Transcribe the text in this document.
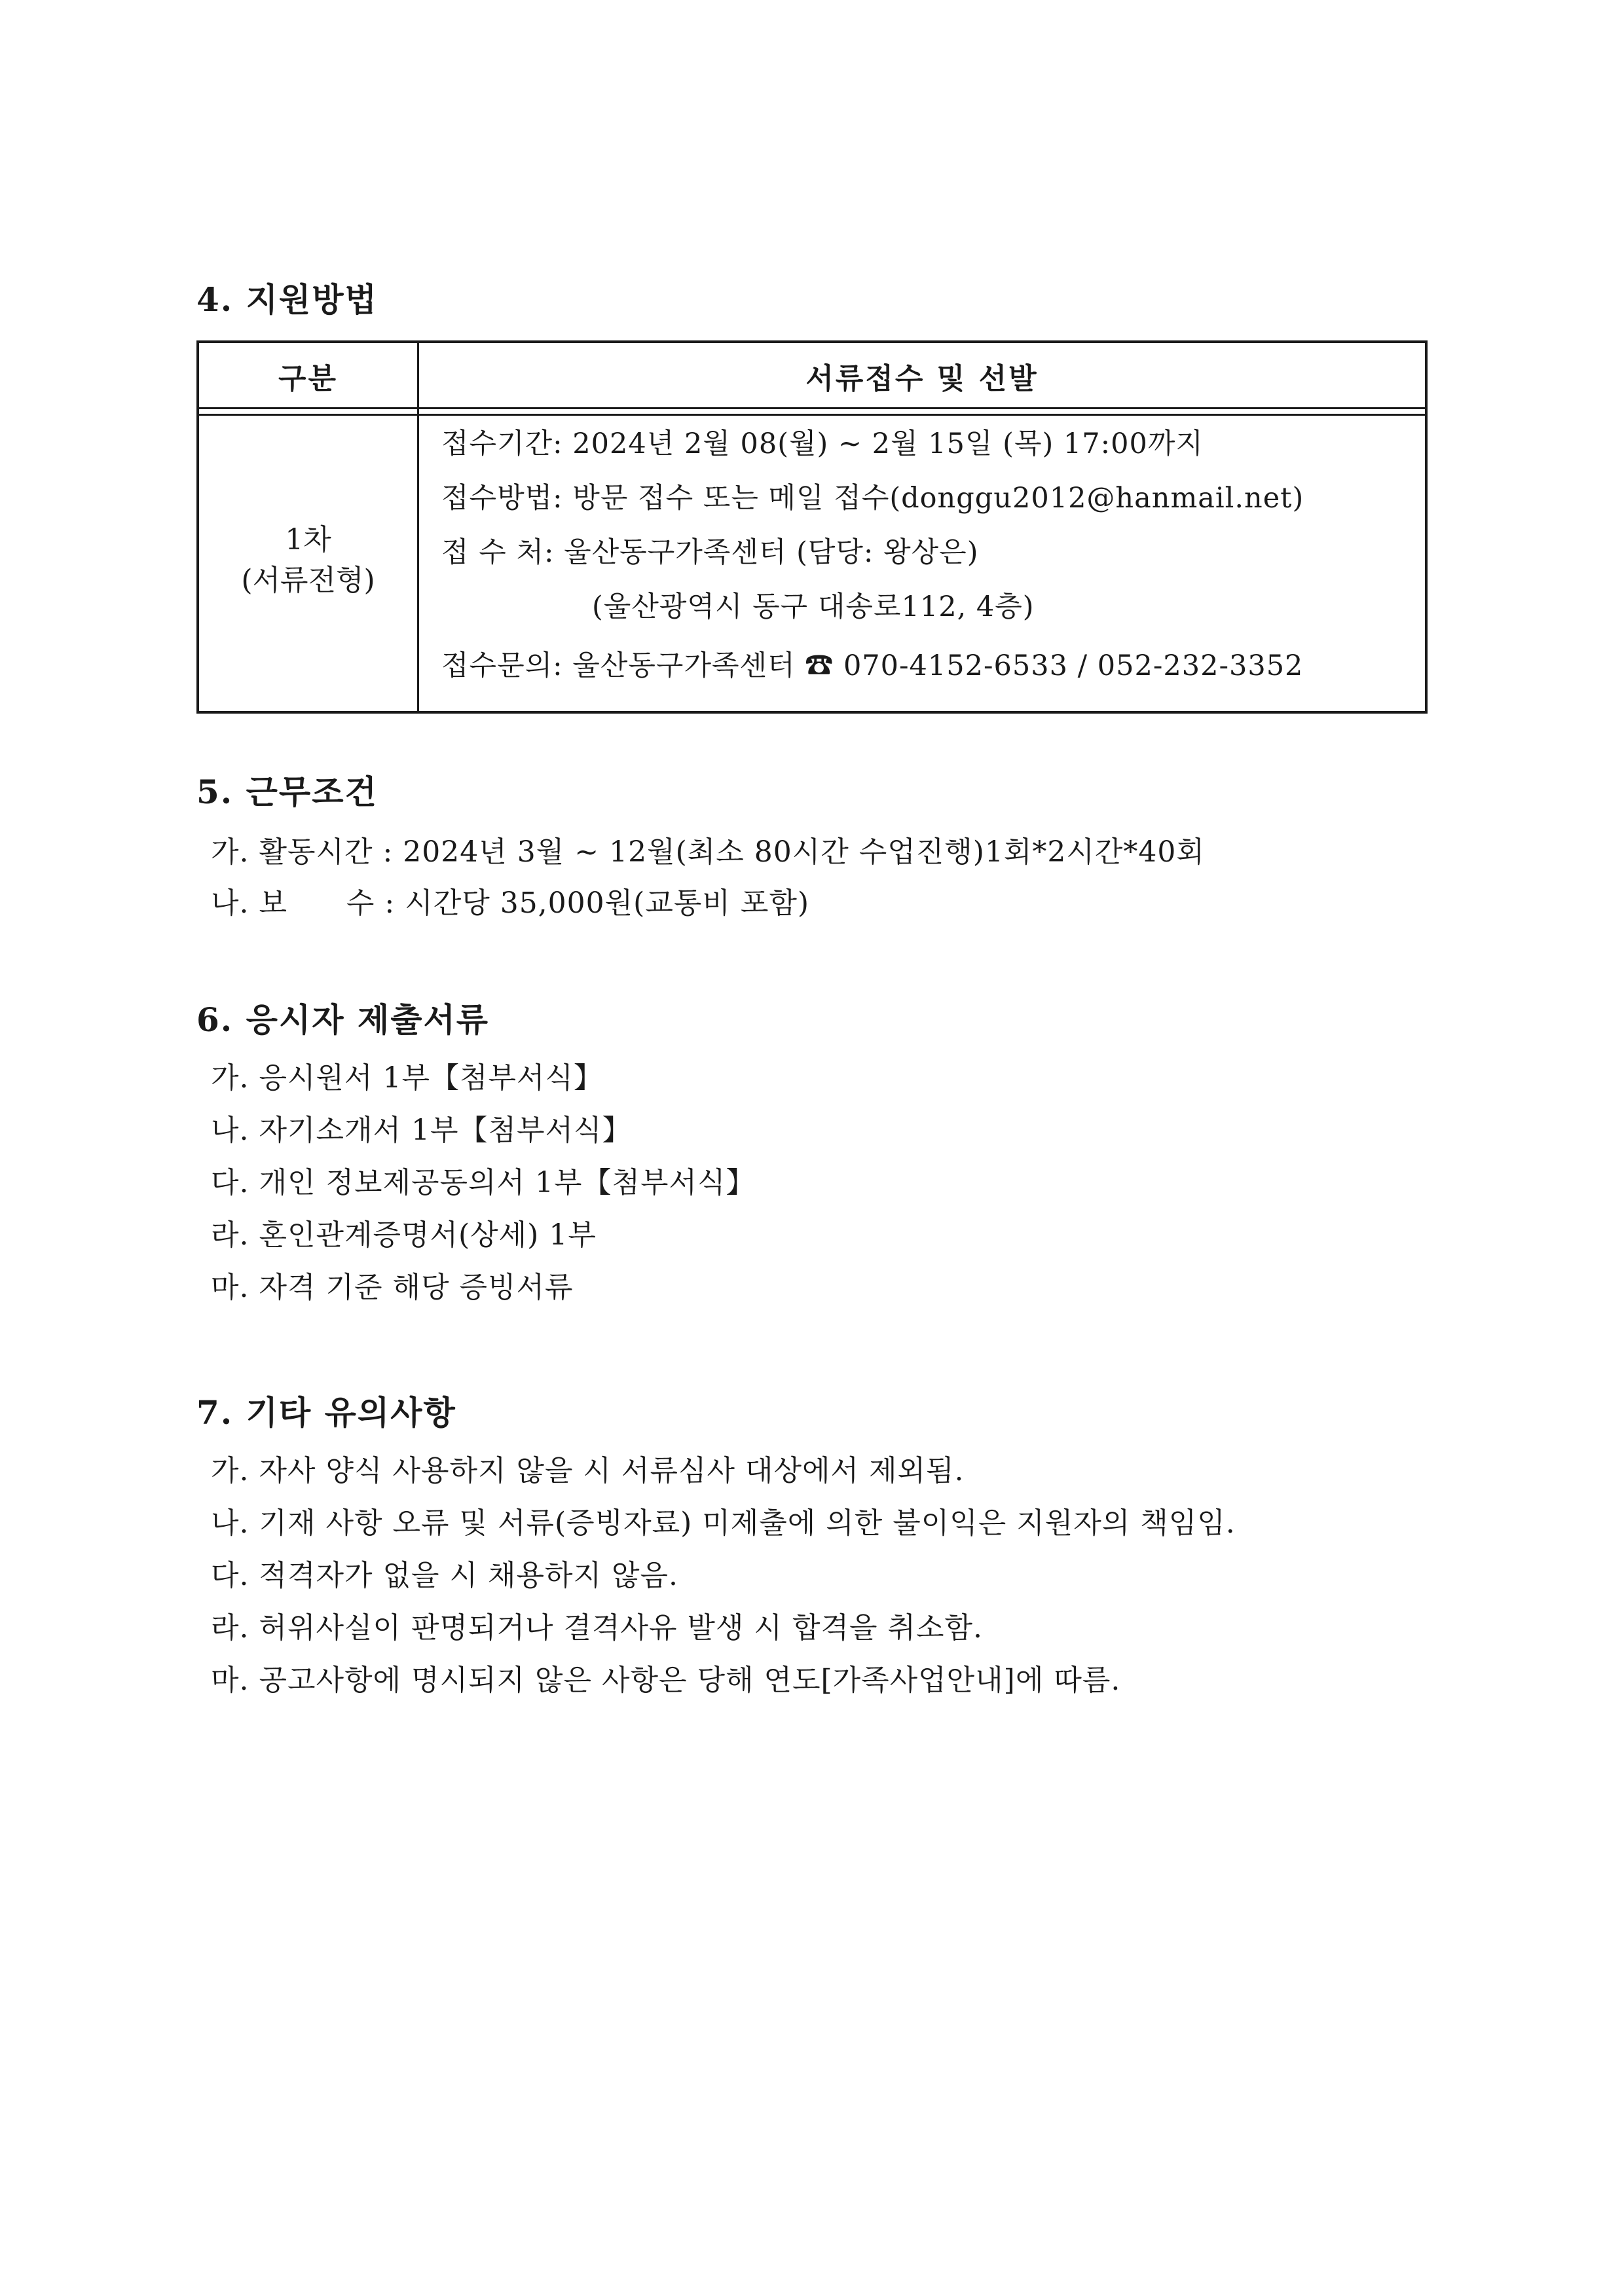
4. 지원방법
구분	서류접수 및 선발
1차
(서류전형)
접수기간: 2024년 2월 08(월) ~ 2월 15일 (목) 17:00까지
접수방법: 방문 접수 또는 메일 접수(donggu2012@hanmail.net)
접 수 처: 울산동구가족센터 (담당: 왕상은)
(울산광역시 동구 대송로112, 4층)
접수문의: 울산동구가족센터 ☎ 070-4152-6533 / 052-232-3352
5. 근무조건
가. 활동시간 : 2024년 3월 ~ 12월(최소 80시간 수업진행)1회*2시간*40회
나. 보      수 : 시간당 35,000원(교통비 포함)
6. 응시자 제출서류
가. 응시원서 1부【첨부서식】
나. 자기소개서 1부【첨부서식】
다. 개인 정보제공동의서 1부【첨부서식】
라. 혼인관계증명서(상세) 1부
마. 자격 기준 해당 증빙서류
7. 기타 유의사항
가. 자사 양식 사용하지 않을 시 서류심사 대상에서 제외됨.
나. 기재 사항 오류 및 서류(증빙자료) 미제출에 의한 불이익은 지원자의 책임임.
다. 적격자가 없을 시 채용하지 않음.
라. 허위사실이 판명되거나 결격사유 발생 시 합격을 취소함.
마. 공고사항에 명시되지 않은 사항은 당해 연도[가족사업안내]에 따름.
